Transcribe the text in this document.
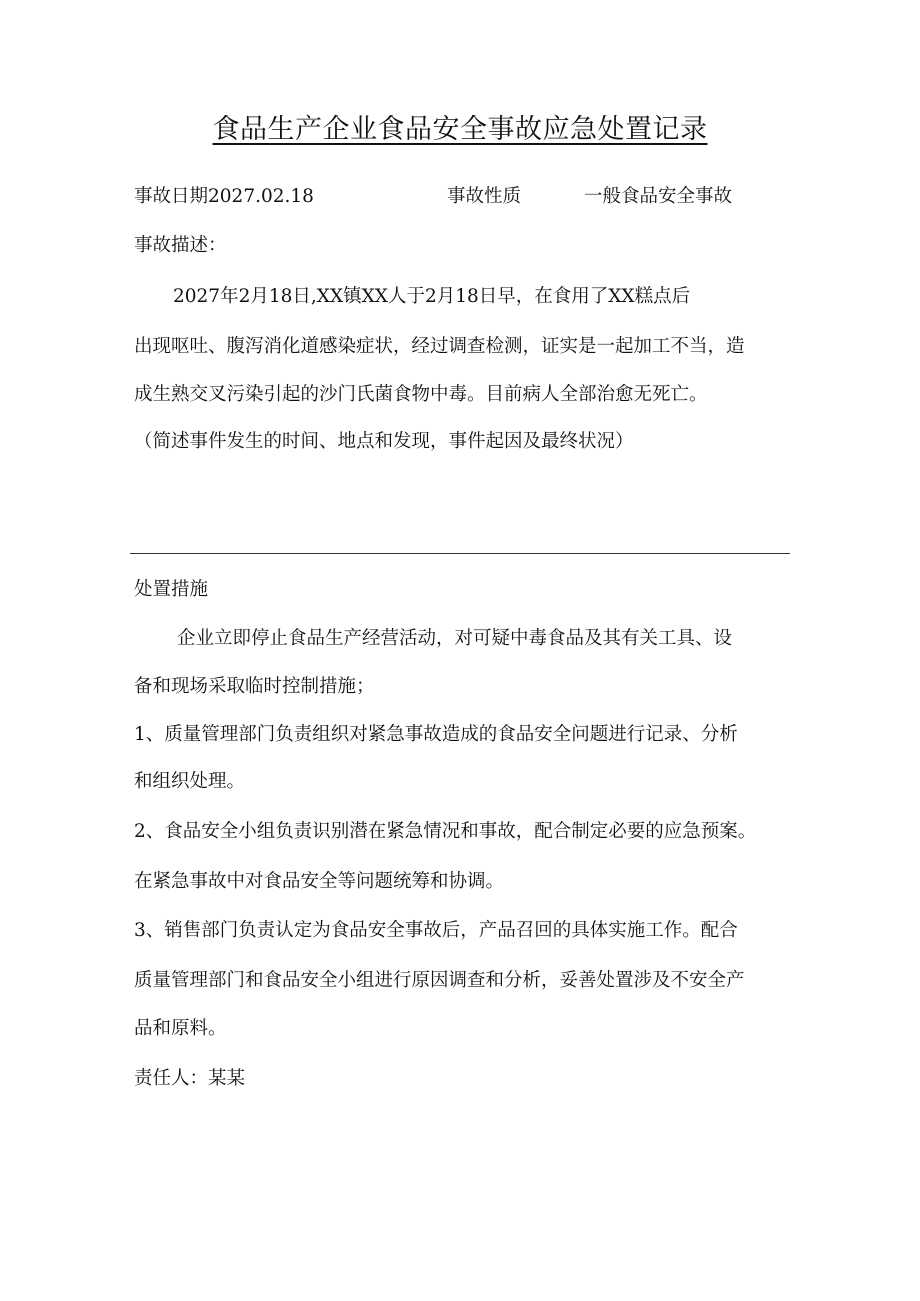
食品生产企业食品安全事故应急处置记录
事故日期2027.02.18	事故性质	一般食品安全事故
事故描述：
2027年2月18日,XX镇XX人于2月18日早，在食用了XX糕点后
出现呕吐、腹泻消化道感染症状，经过调查检测，证实是一起加工不当，造
成生熟交叉污染引起的沙门氏菌食物中毒。目前病人全部治愈无死亡。
（简述事件发生的时间、地点和发现，事件起因及最终状况）
处置措施
企业立即停止食品生产经营活动，对可疑中毒食品及其有关工具、设
备和现场采取临时控制措施；
1、质量管理部门负责组织对紧急事故造成的食品安全问题进行记录、分析
和组织处理。
2、食品安全小组负责识别潜在紧急情况和事故，配合制定必要的应急预案。
在紧急事故中对食品安全等问题统筹和协调。
3、销售部门负责认定为食品安全事故后，产品召回的具体实施工作。配合
质量管理部门和食品安全小组进行原因调查和分析，妥善处置涉及不安全产
品和原料。
责任人：某某
